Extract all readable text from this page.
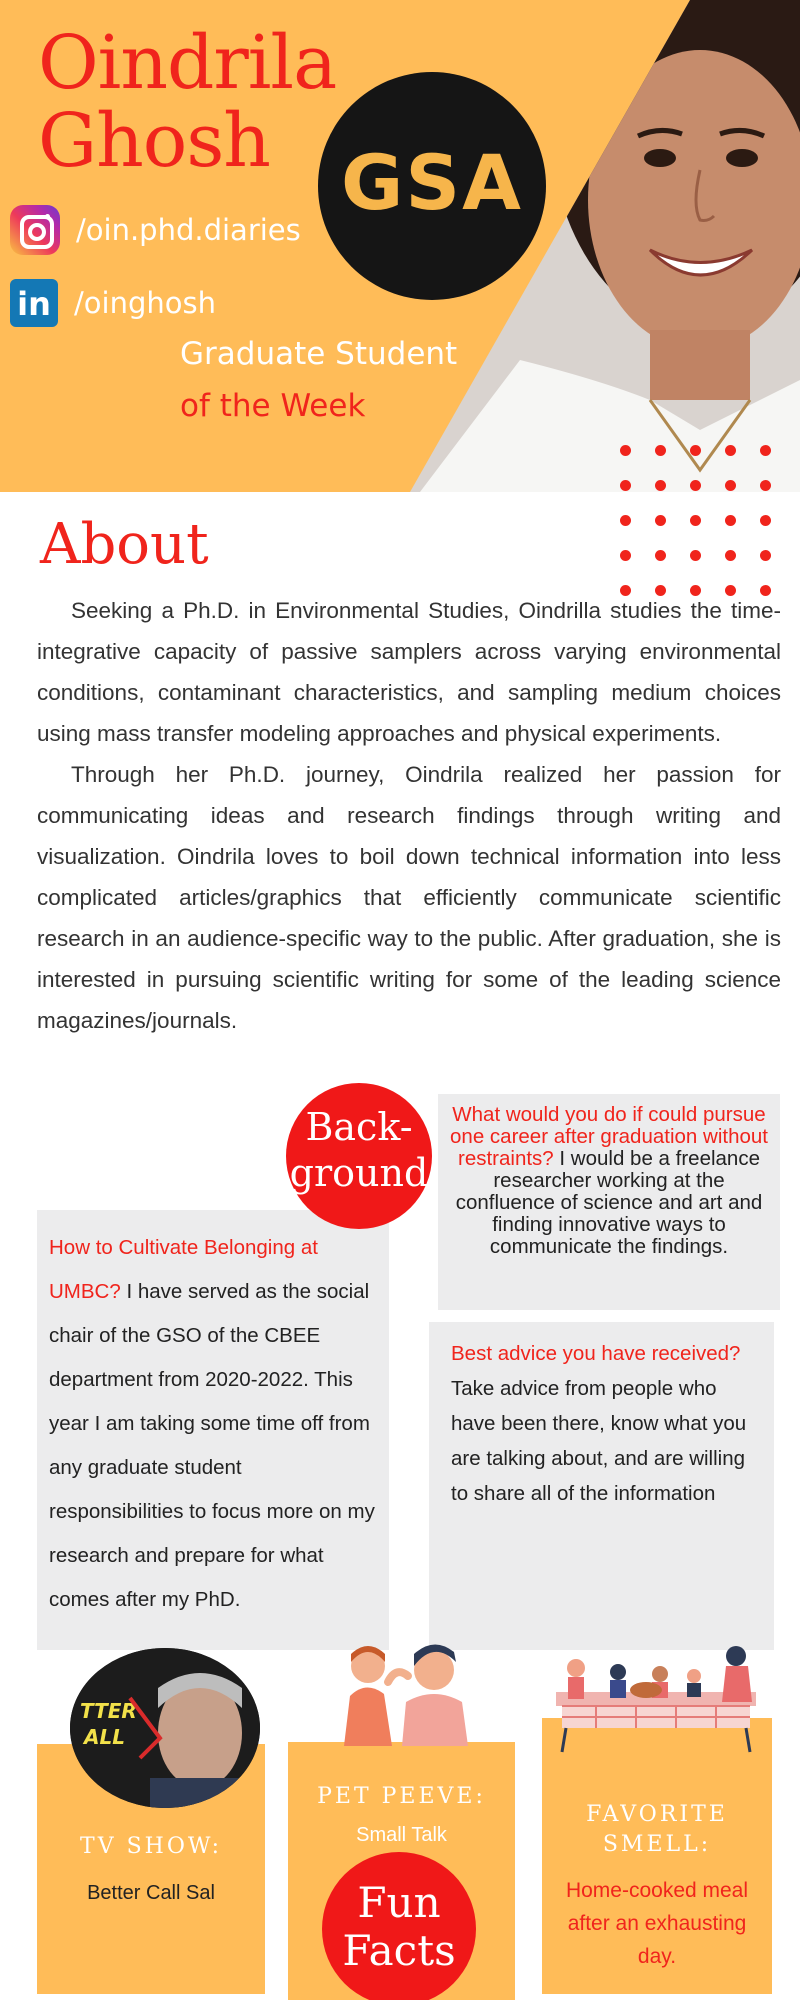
Oindrila
Ghosh GSA
/oin.phd.diaries
in /oinghosh
Graduate Student
of the Week
About

Seeking a Ph.D. in Environmental Studies, Oindrilla studies the time-integrative capacity of passive samplers across varying environmental conditions, contaminant characteristics, and sampling medium choices using mass transfer modeling approaches and physical experiments.

Through her Ph.D. journey, Oindrila realized her passion for communicating ideas and research findings through writing and visualization. Oindrila loves to boil down technical information into less complicated articles/graphics that efficiently communicate scientific research in an audience-specific way to the public. After graduation, she is interested in pursuing scientific writing for some of the leading science magazines/journals.

How to Cultivate Belonging at UMBC? I have served as the social chair of the GSO of the CBEE department from 2020-2022. This year I am taking some time off from any graduate student responsibilities to focus more on my research and prepare for what comes after my PhD.
What would you do if could pursue one career after graduation without restraints? I would be a freelance researcher working at the confluence of science and art and finding innovative ways to communicate the findings.
Best advice you have received?
Take advice from people who have been there, know what you are talking about, and are willing to share all of the information
Back-
ground
TV SHOW:
Better Call Sal
TTER
ALL
PET PEEVE:
Small Talk
FAVORITE
SMELL:
Home-cooked meal after an exhausting day.
Fun
Facts
